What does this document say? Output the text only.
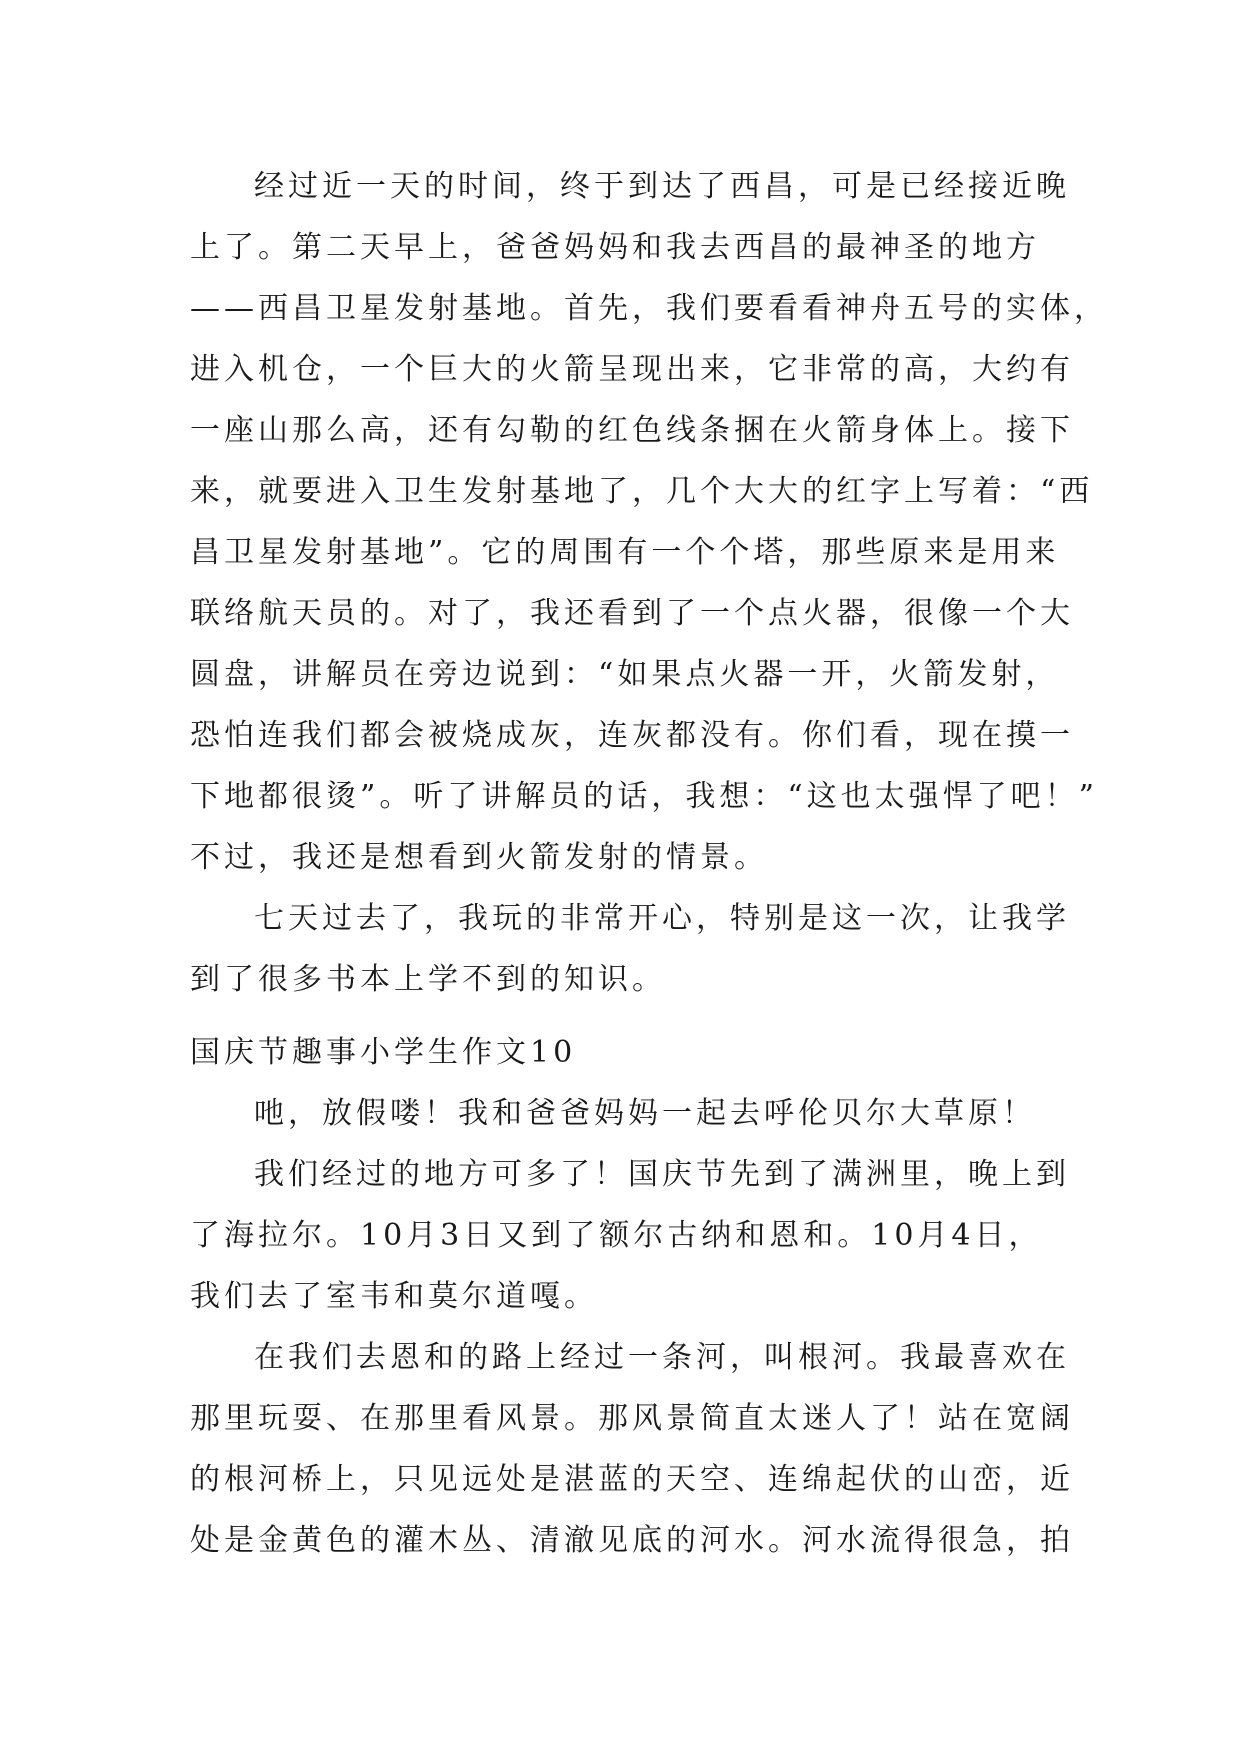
经过近一天的时间，终于到达了西昌，可是已经接近晚
上了。第二天早上，爸爸妈妈和我去西昌的最神圣的地方
——西昌卫星发射基地。首先，我们要看看神舟五号的实体，
进入机仓，一个巨大的火箭呈现出来，它非常的高，大约有
一座山那么高，还有勾勒的红色线条捆在火箭身体上。接下
来，就要进入卫生发射基地了，几个大大的红字上写着：“西
昌卫星发射基地”。它的周围有一个个塔，那些原来是用来
联络航天员的。对了，我还看到了一个点火器，很像一个大
圆盘，讲解员在旁边说到：“如果点火器一开，火箭发射，
恐怕连我们都会被烧成灰，连灰都没有。你们看，现在摸一
下地都很烫”。听了讲解员的话，我想：“这也太强悍了吧！”
不过，我还是想看到火箭发射的情景。
七天过去了，我玩的非常开心，特别是这一次，让我学
到了很多书本上学不到的知识。
国庆节趣事小学生作文10
吔，放假喽！我和爸爸妈妈一起去呼伦贝尔大草原！
我们经过的地方可多了！国庆节先到了满洲里，晚上到
了海拉尔。10月3日又到了额尔古纳和恩和。10月4日，
我们去了室韦和莫尔道嘎。
在我们去恩和的路上经过一条河，叫根河。我最喜欢在
那里玩耍、在那里看风景。那风景简直太迷人了！站在宽阔
的根河桥上，只见远处是湛蓝的天空、连绵起伏的山峦，近
处是金黄色的灌木丛、清澈见底的河水。河水流得很急，拍
